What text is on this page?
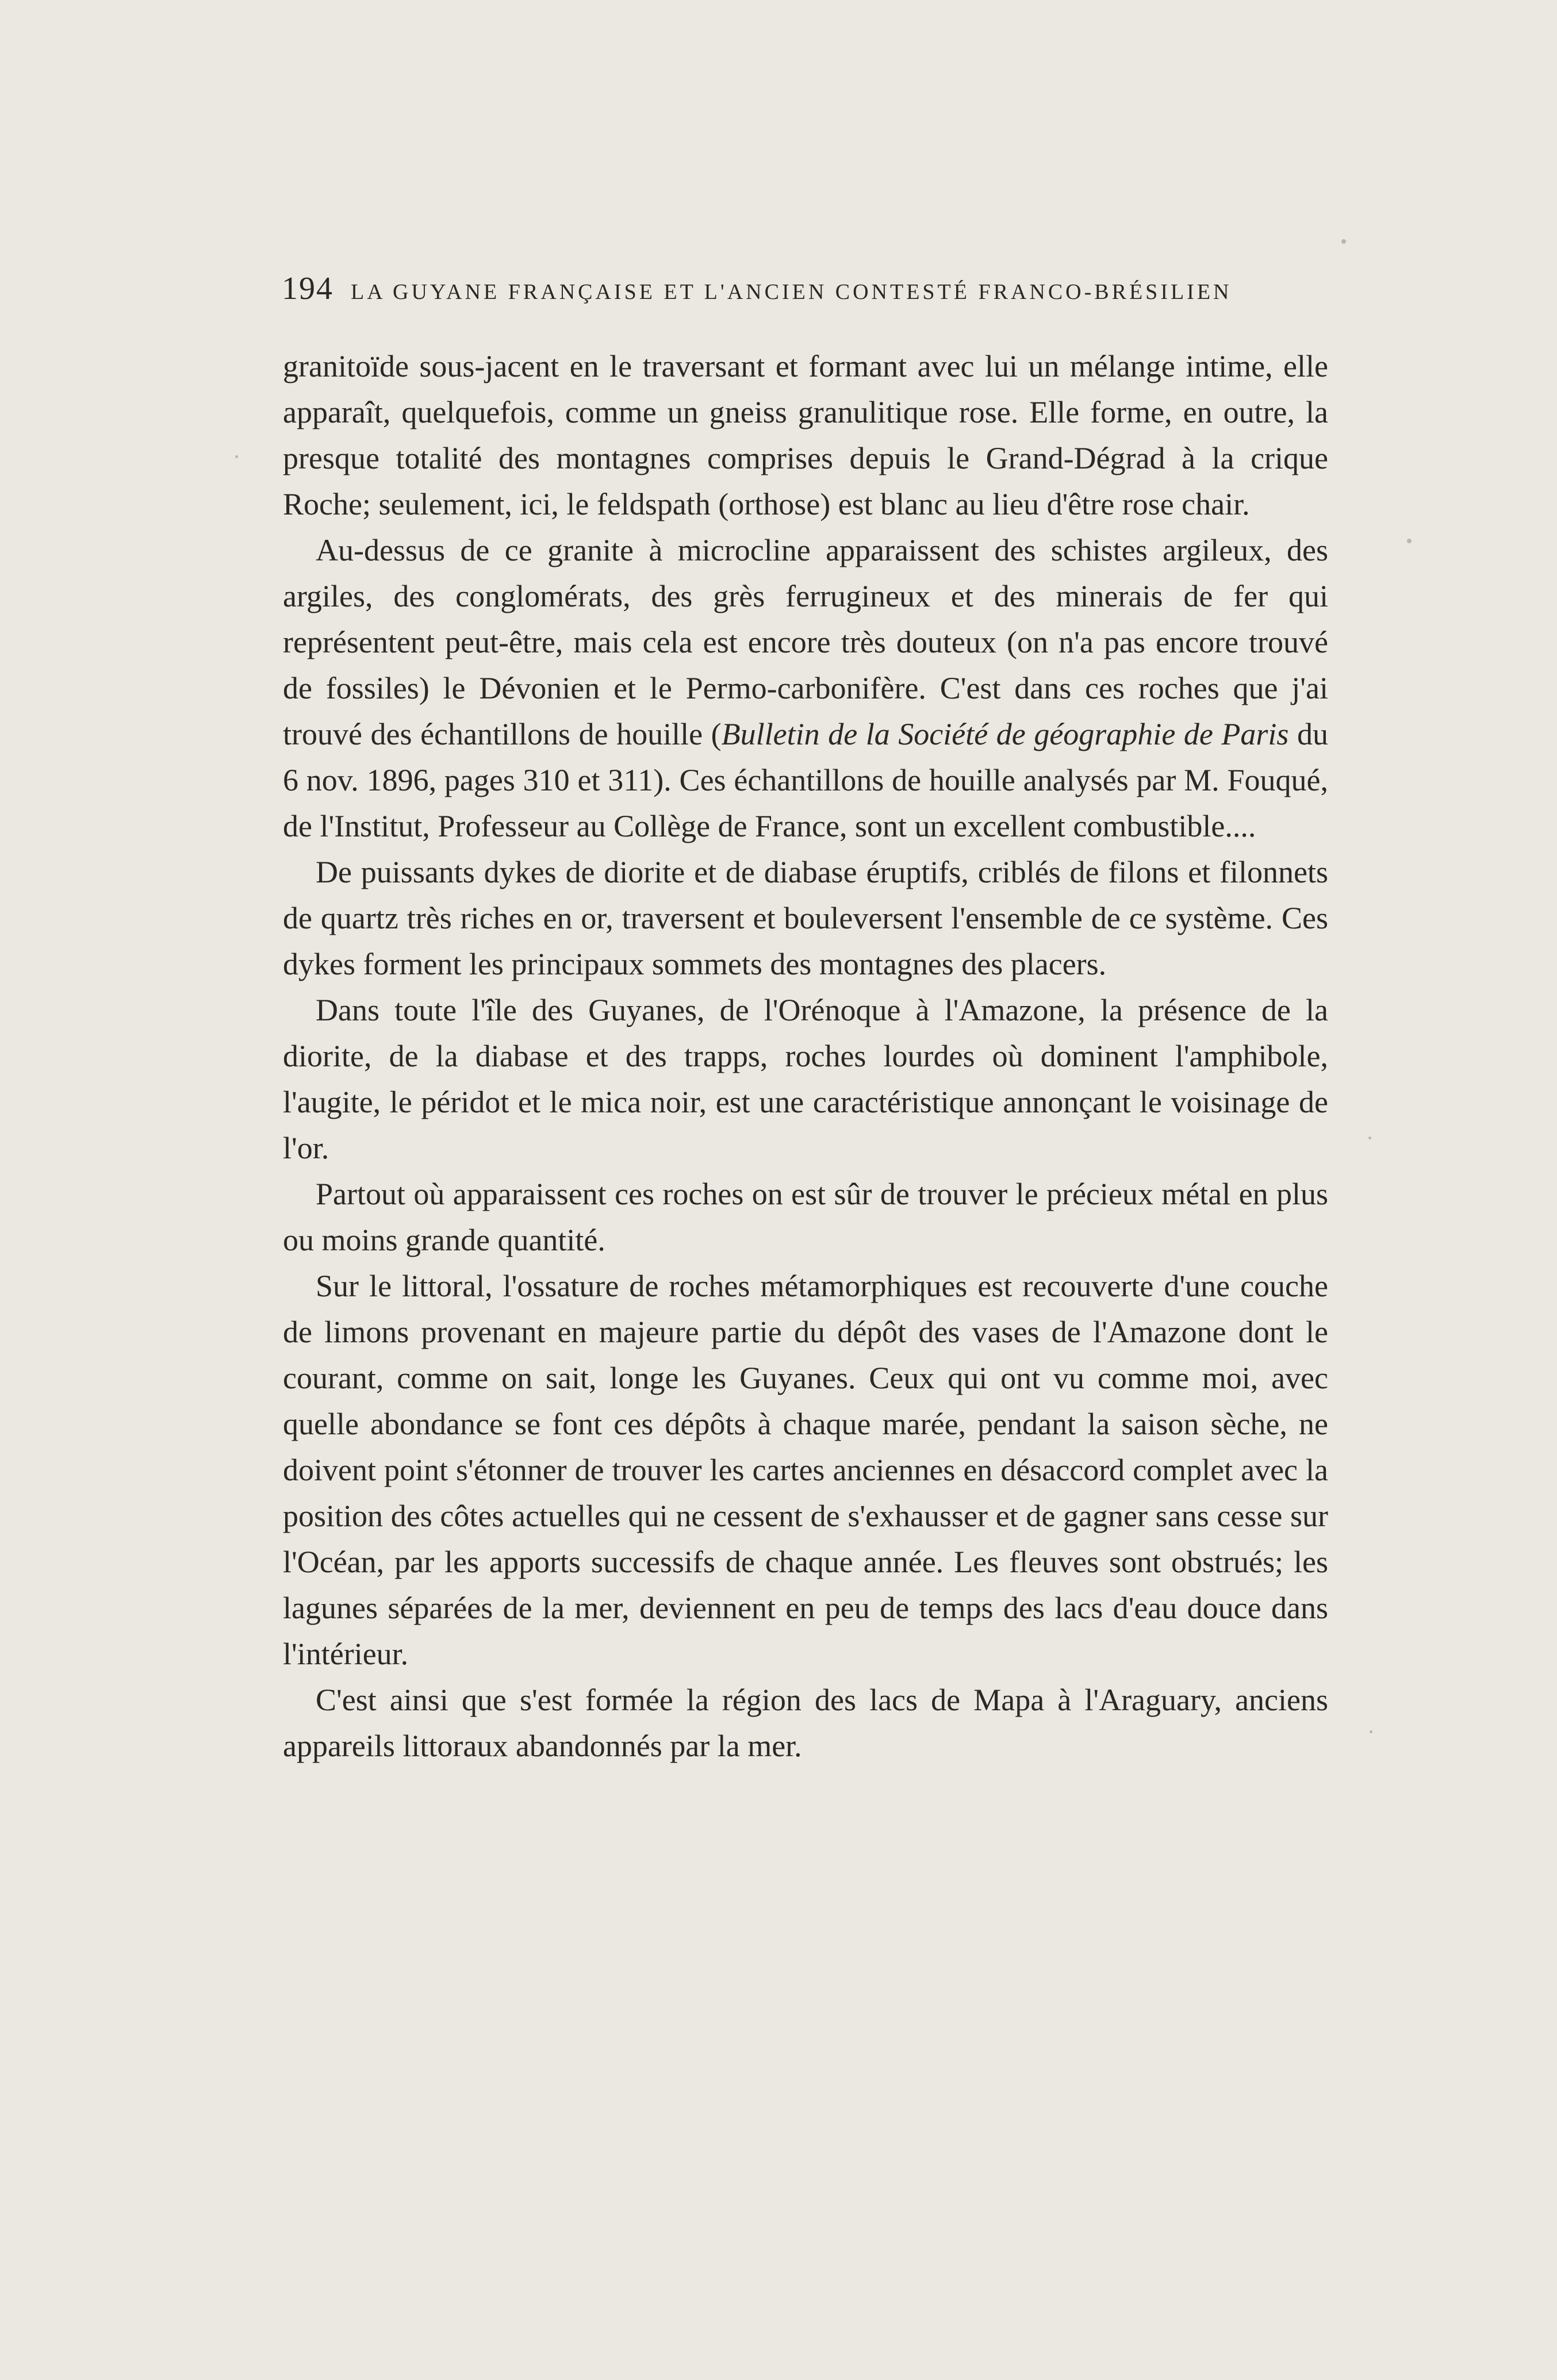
194 LA GUYANE FRANÇAISE ET L'ANCIEN CONTESTÉ FRANCO-BRÉSILIEN

granitoïde sous-jacent en le traversant et formant avec lui un mélange intime, elle apparaît, quelquefois, comme un gneiss granulitique rose. Elle forme, en outre, la presque totalité des montagnes comprises depuis le Grand-Dégrad à la crique Roche; seulement, ici, le feldspath (orthose) est blanc au lieu d'être rose chair.

Au-dessus de ce granite à microcline apparaissent des schistes argileux, des argiles, des conglomérats, des grès ferrugineux et des minerais de fer qui représentent peut-être, mais cela est encore très douteux (on n'a pas encore trouvé de fossiles) le Dévonien et le Permo-carbonifère. C'est dans ces roches que j'ai trouvé des échantillons de houille (Bulletin de la Société de géographie de Paris du 6 nov. 1896, pages 310 et 311). Ces échantillons de houille analysés par M. Fouqué, de l'Institut, Professeur au Collège de France, sont un excellent combustible....

De puissants dykes de diorite et de diabase éruptifs, criblés de filons et filonnets de quartz très riches en or, traversent et bouleversent l'ensemble de ce système. Ces dykes forment les principaux sommets des montagnes des placers.

Dans toute l'île des Guyanes, de l'Orénoque à l'Amazone, la présence de la diorite, de la diabase et des trapps, roches lourdes où dominent l'amphibole, l'augite, le péridot et le mica noir, est une caractéristique annonçant le voisinage de l'or.

Partout où apparaissent ces roches on est sûr de trouver le précieux métal en plus ou moins grande quantité.

Sur le littoral, l'ossature de roches métamorphiques est recouverte d'une couche de limons provenant en majeure partie du dépôt des vases de l'Amazone dont le courant, comme on sait, longe les Guyanes. Ceux qui ont vu comme moi, avec quelle abondance se font ces dépôts à chaque marée, pendant la saison sèche, ne doivent point s'étonner de trouver les cartes anciennes en désaccord complet avec la position des côtes actuelles qui ne cessent de s'exhausser et de gagner sans cesse sur l'Océan, par les apports successifs de chaque année. Les fleuves sont obstrués; les lagunes séparées de la mer, deviennent en peu de temps des lacs d'eau douce dans l'intérieur.

C'est ainsi que s'est formée la région des lacs de Mapa à l'Araguary, anciens appareils littoraux abandonnés par la mer.
